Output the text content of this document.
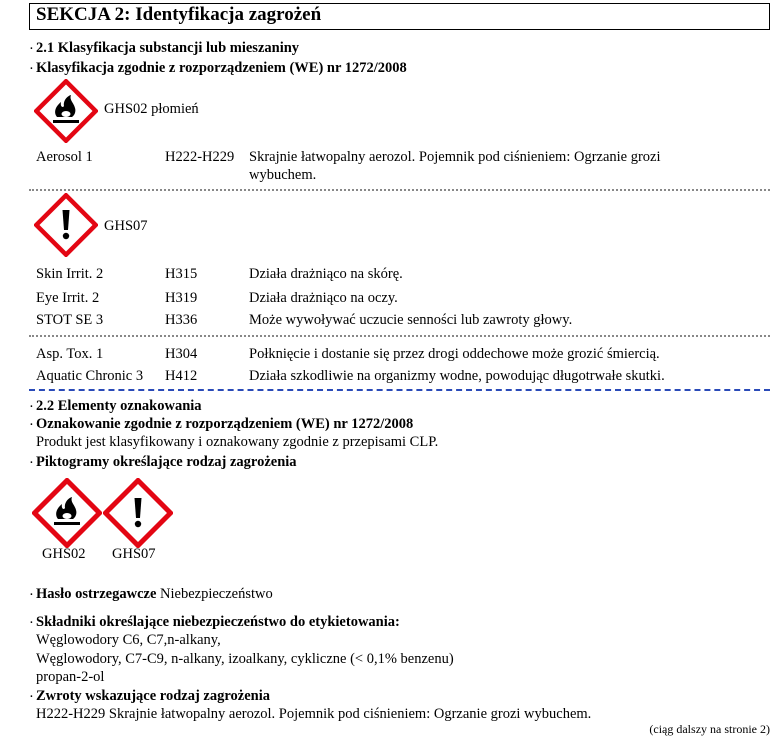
SEKCJA 2: Identyfikacja zagrożeń
· 2.1 Klasyfikacja substancji lub mieszaniny
· Klasyfikacja zgodnie z rozporządzeniem (WE) nr 1272/2008
GHS02 płomień
Aerosol 1	H222-H229 Skrajnie łatwopalny aerozol. Pojemnik pod ciśnieniem: Ogrzanie grozi
wybuchem.
GHS07
Skin Irrit. 2	H315	Działa drażniąco na skórę.
Eye Irrit. 2	H319	Działa drażniąco na oczy.
STOT SE 3	H336	Może wywoływać uczucie senności lub zawroty głowy.
Asp. Tox. 1	H304	Połknięcie i dostanie się przez drogi oddechowe może grozić śmiercią.
Aquatic Chronic 3 H412	Działa szkodliwie na organizmy wodne, powodując długotrwałe skutki.
· 2.2 Elementy oznakowania
· Oznakowanie zgodnie z rozporządzeniem (WE) nr 1272/2008
Produkt jest klasyfikowany i oznakowany zgodnie z przepisami CLP.
· Piktogramy określające rodzaj zagrożenia
GHS02 GHS07
· Hasło ostrzegawcze Niebezpieczeństwo
· Składniki określające niebezpieczeństwo do etykietowania:
Węglowodory C6, C7,n-alkany,
Węglowodory, C7-C9, n-alkany, izoalkany, cykliczne (< 0,1% benzenu)
propan-2-ol
· Zwroty wskazujące rodzaj zagrożenia
H222-H229 Skrajnie łatwopalny aerozol. Pojemnik pod ciśnieniem: Ogrzanie grozi wybuchem.
(ciąg dalszy na stronie 2)
